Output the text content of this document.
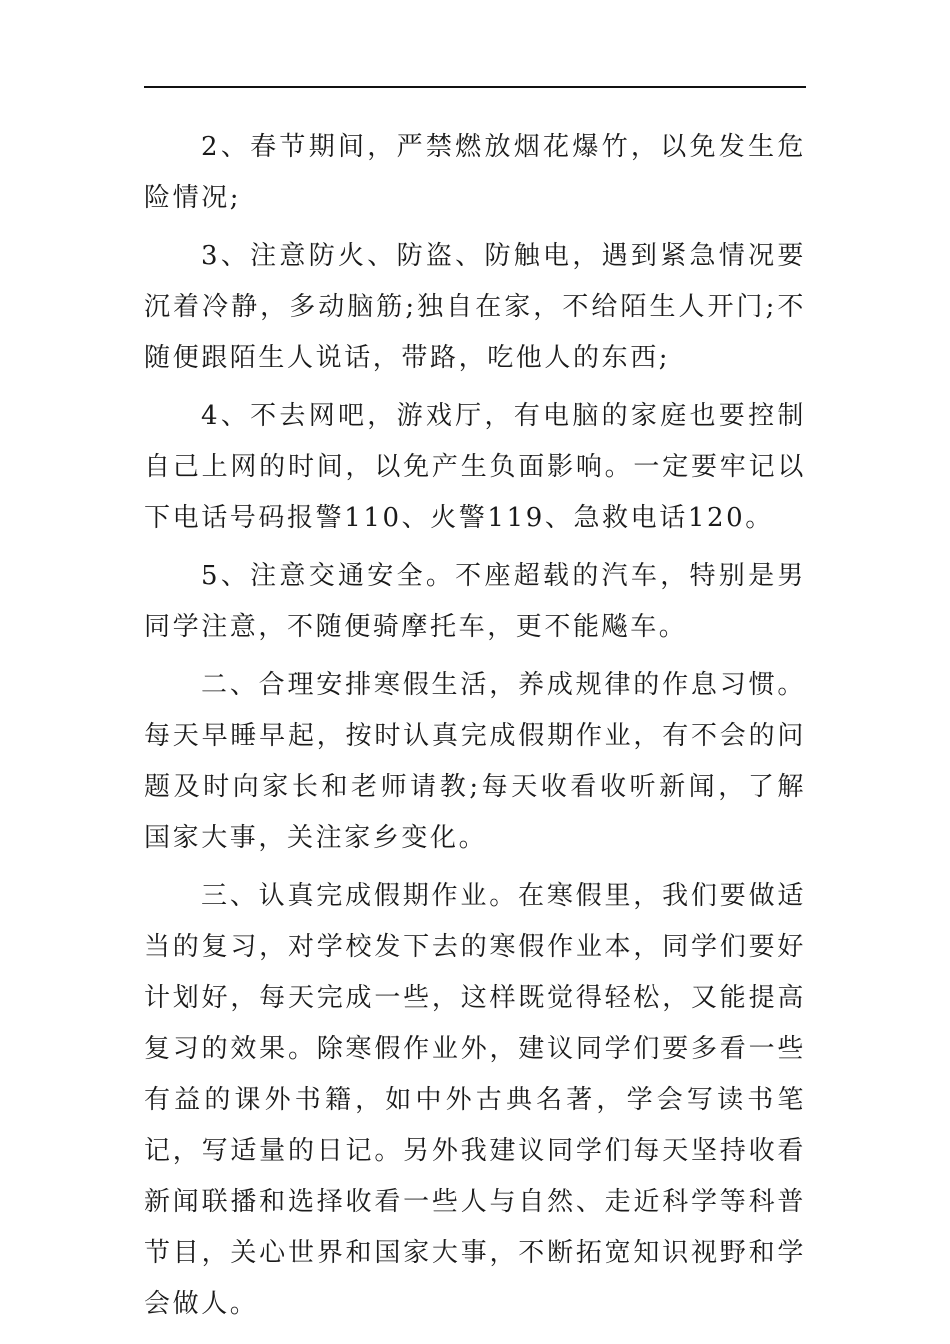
2、春节期间，严禁燃放烟花爆竹，以免发生危险情况;

3、注意防火、防盗、防触电，遇到紧急情况要沉着冷静，多动脑筋;独自在家，不给陌生人开门;不随便跟陌生人说话，带路，吃他人的东西;

4、不去网吧，游戏厅，有电脑的家庭也要控制自己上网的时间，以免产生负面影响。一定要牢记以下电话号码报警110、火警119、急救电话120。

5、注意交通安全。不座超载的汽车，特别是男同学注意，不随便骑摩托车，更不能飚车。

二、合理安排寒假生活，养成规律的作息习惯。每天早睡早起，按时认真完成假期作业，有不会的问题及时向家长和老师请教;每天收看收听新闻，了解国家大事，关注家乡变化。

三、认真完成假期作业。在寒假里，我们要做适当的复习，对学校发下去的寒假作业本，同学们要好计划好，每天完成一些，这样既觉得轻松，又能提高复习的效果。除寒假作业外，建议同学们要多看一些有益的课外书籍，如中外古典名著，学会写读书笔记，写适量的日记。另外我建议同学们每天坚持收看新闻联播和选择收看一些人与自然、走近科学等科普节目，关心世界和国家大事，不断拓宽知识视野和学会做人。
